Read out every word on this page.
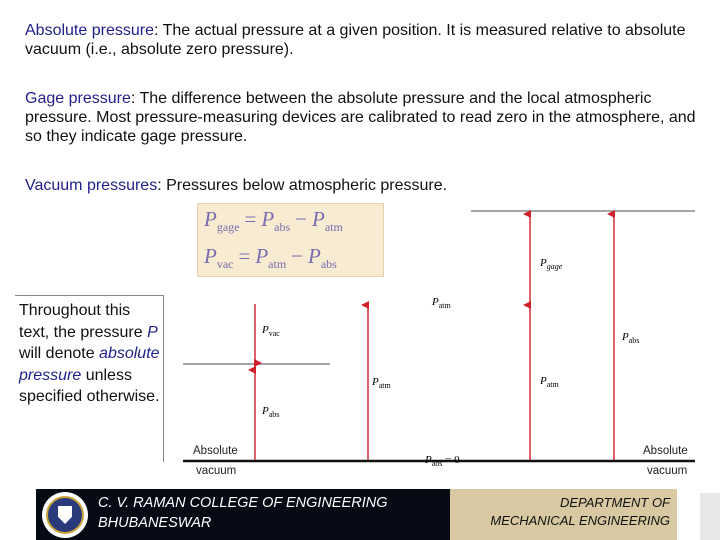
Absolute pressure: The actual pressure at a given position. It is measured relative to absolute vacuum (i.e., absolute zero pressure).
Gage pressure: The difference between the absolute pressure and the local atmospheric pressure. Most pressure-measuring devices are calibrated to read zero in the atmosphere, and so they indicate gage pressure.
Vacuum pressures: Pressures below atmospheric pressure.
$P_{gage} = P_{abs} - P_{atm}$
$P_{vac} = P_{atm} - P_{abs}$
Throughout this text, the pressure P will denote absolute pressure unless specified otherwise.
$P_{vac}$
$P_{abs}$
$P_{atm}$
$P_{atm}$
$P_{gage}$
$P_{atm}$
$P_{abs}$
$P_{abs} = 0$
Absolute
vacuum
Absolute
vacuum
C. V. RAMAN COLLEGE OF ENGINEERING
BHUBANESWAR
DEPARTMENT OF
MECHANICAL ENGINEERING
